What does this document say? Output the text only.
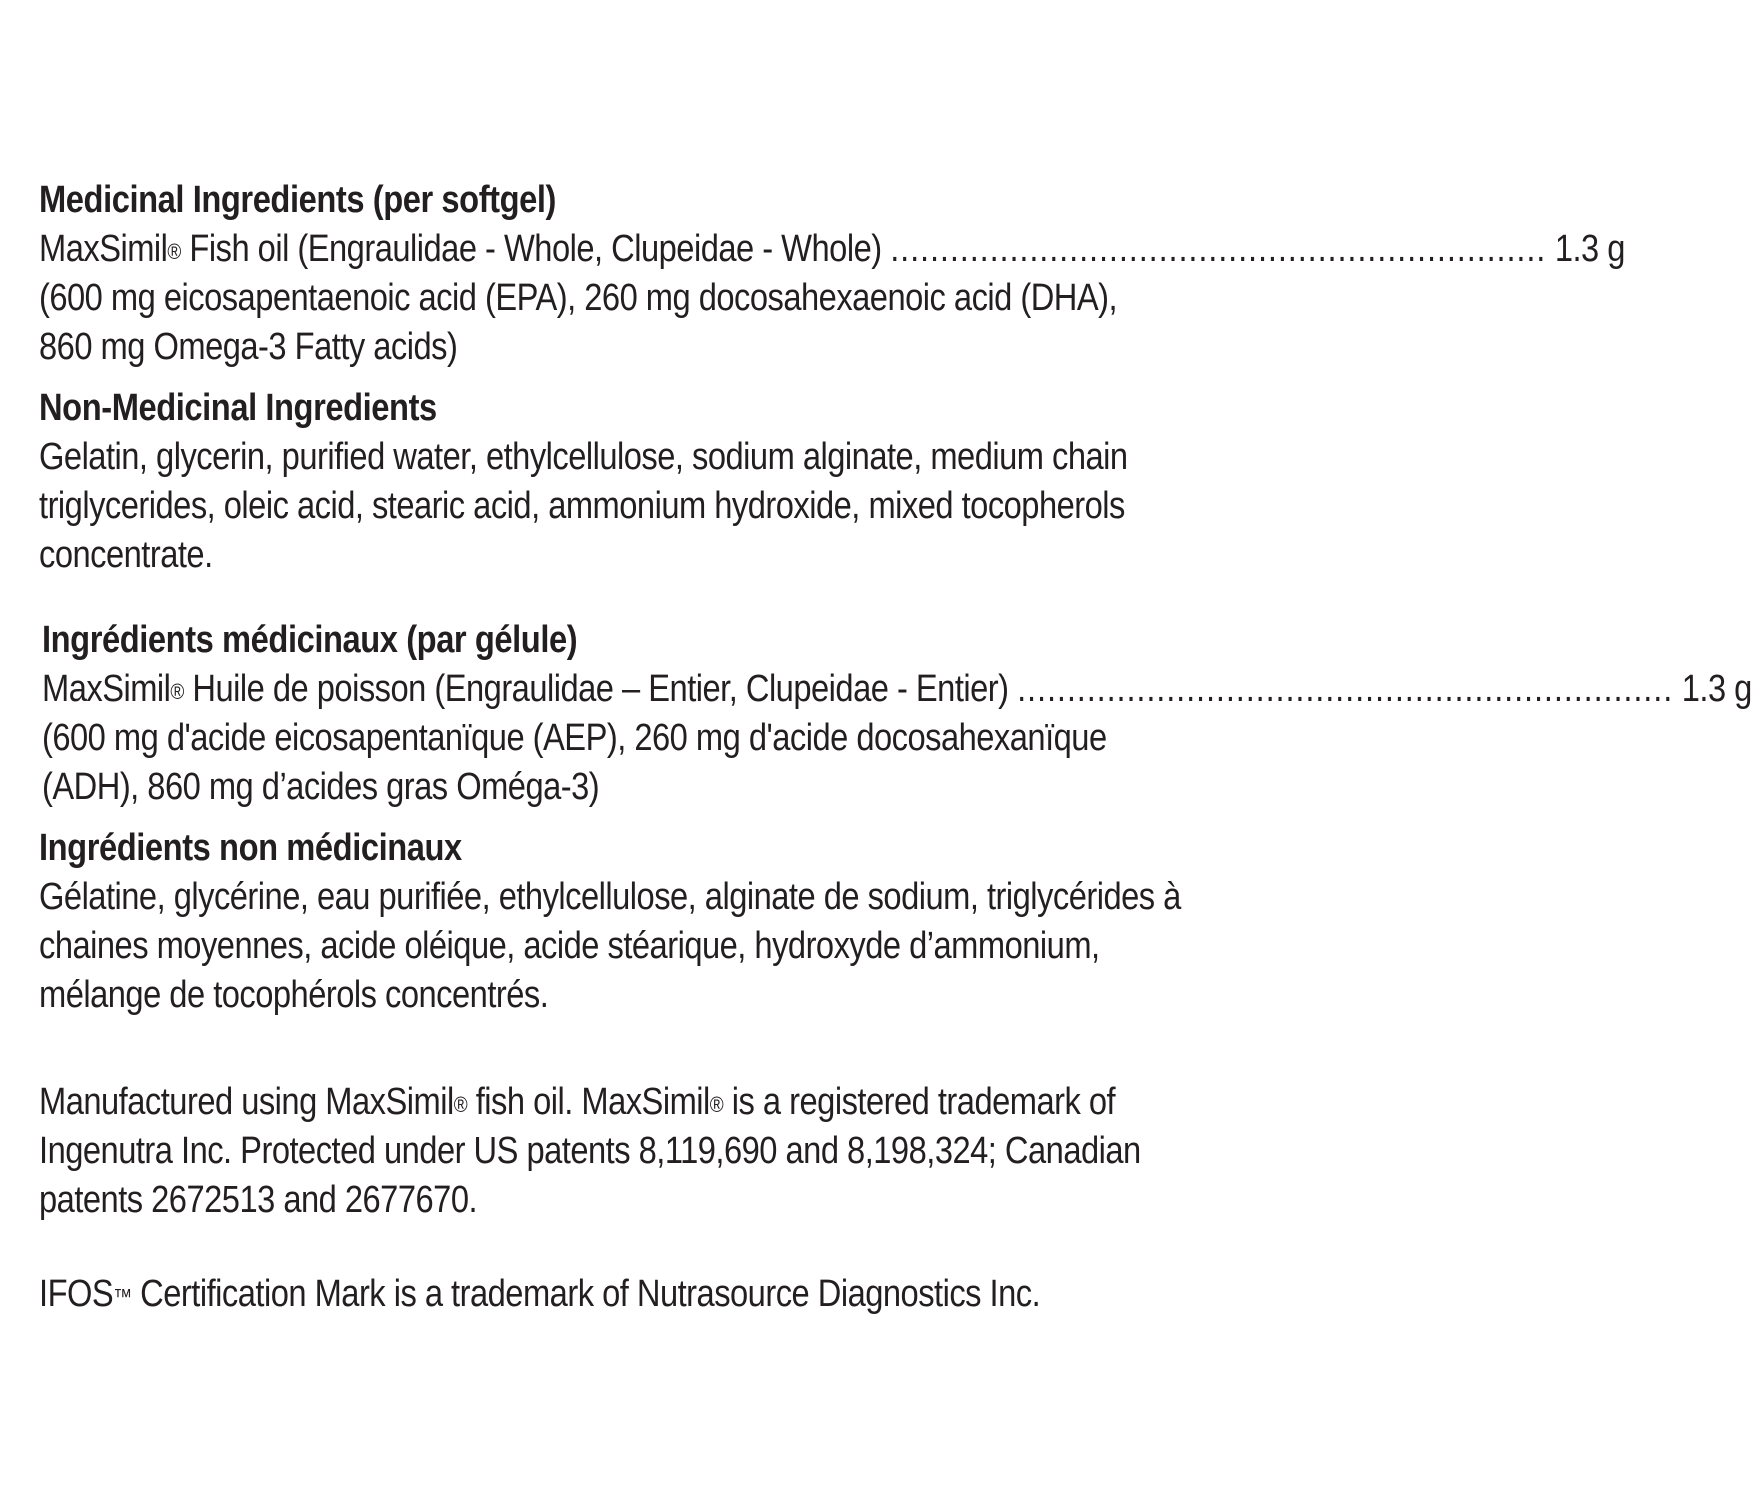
Medicinal Ingredients (per softgel)
MaxSimil® Fish oil (Engraulidae - Whole, Clupeidae - Whole) .................................................................. 1.3 g
(600 mg eicosapentaenoic acid (EPA), 260 mg docosahexaenoic acid (DHA),
860 mg Omega-3 Fatty acids)
Non-Medicinal Ingredients
Gelatin, glycerin, purified water, ethylcellulose, sodium alginate, medium chain
triglycerides, oleic acid, stearic acid, ammonium hydroxide, mixed tocopherols
concentrate.
Ingrédients médicinaux (par gélule)
MaxSimil® Huile de poisson (Engraulidae – Entier, Clupeidae - Entier) .................................................................. 1.3 g
(600 mg d'acide eicosapentanïque (AEP), 260 mg d'acide docosahexanïque
(ADH), 860 mg d’acides gras Oméga-3)
Ingrédients non médicinaux
Gélatine, glycérine, eau purifiée, ethylcellulose, alginate de sodium, triglycérides à
chaines moyennes, acide oléique, acide stéarique, hydroxyde d’ammonium,
mélange de tocophérols concentrés.
Manufactured using MaxSimil® fish oil. MaxSimil® is a registered trademark of
Ingenutra Inc. Protected under US patents 8,119,690 and 8,198,324; Canadian
patents 2672513 and 2677670.
IFOS™ Certification Mark is a trademark of Nutrasource Diagnostics Inc.
